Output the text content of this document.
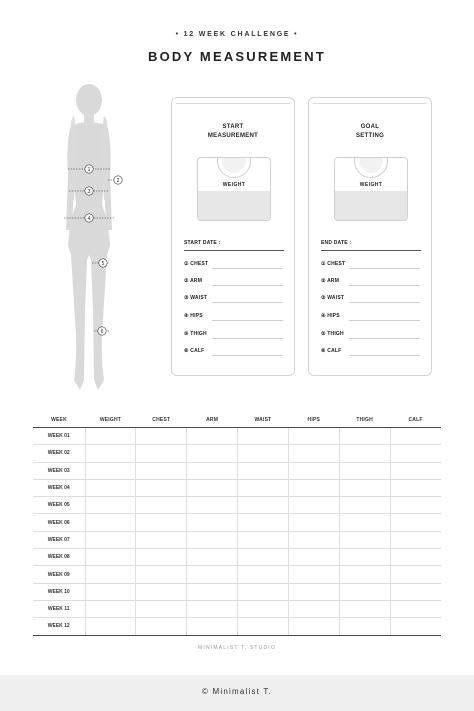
• 12 WEEK CHALLENGE •
BODY MEASUREMENT
1
2
3
4
5
6
START
MEASUREMENT
WEIGHT
START DATE :
① CHEST
② ARM
③ WAIST
④ HIPS
⑤ THIGH
⑥ CALF
GOAL
SETTING
WEIGHT
END DATE :
① CHEST
② ARM
③ WAIST
④ HIPS
⑤ THIGH
⑥ CALF
WEEK	WEIGHT	CHEST	ARM	WAIST	HIPS	THIGH	CALF
WEEK 01							
WEEK 02							
WEEK 03							
WEEK 04							
WEEK 05							
WEEK 06							
WEEK 07							
WEEK 08							
WEEK 09							
WEEK 10							
WEEK 11							
WEEK 12							
MINIMALIST T. STUDIO
© Minimalist T.
